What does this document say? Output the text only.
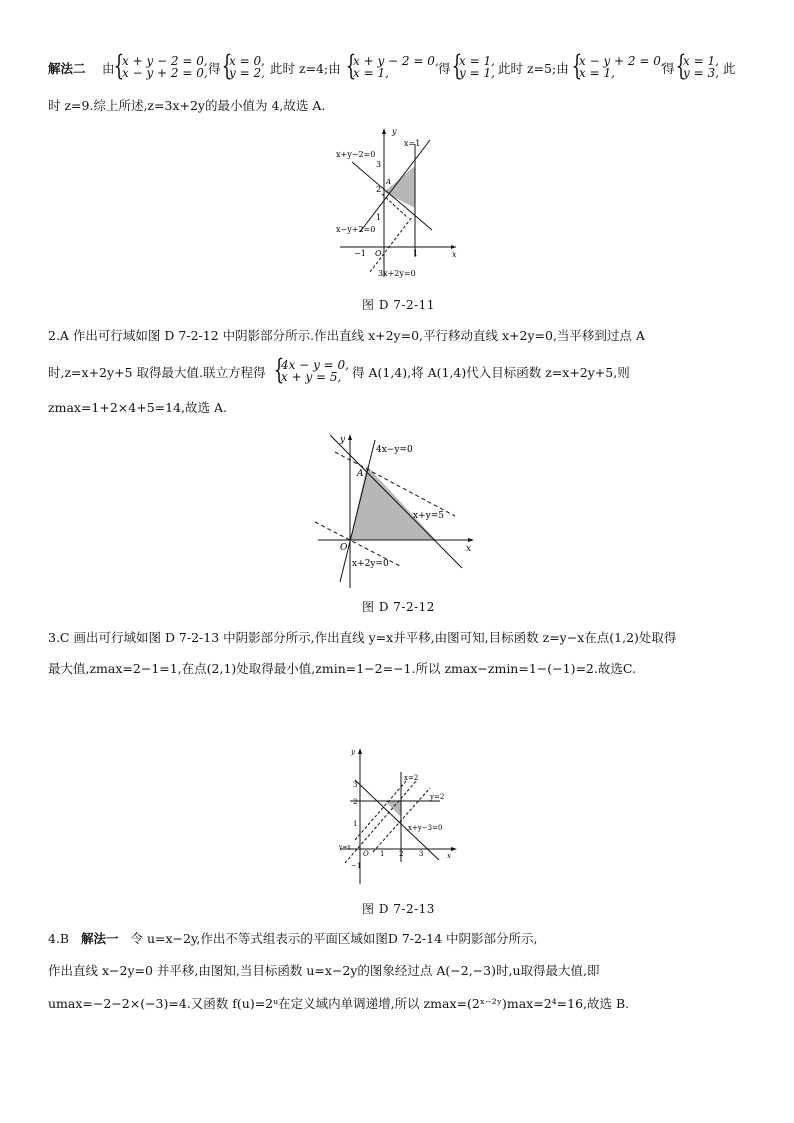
解法二 由 {
x + y − 2 = 0,
x − y + 2 = 0, 得 {
x = 0,
y = 2, 此时 z=4;由 {
x + y − 2 = 0,
x = 1,	得 {
x = 1,
y = 1, 此时 z=5;由 {
x − y + 2 = 0,
x = 1,	得 {
x = 1,
y = 3, 此
时 z=9.综上所述,z=3x+2y的最小值为 4,故选 A.
y
x
O
x=1
x+y−2=0
x−y+2=0
3x+2y=0
3
2
1
−1	1
A
图 D 7-2-11
2.A 作出可行域如图 D 7-2-12 中阴影部分所示.作出直线 x+2y=0,平行移动直线 x+2y=0,当平移到过点 A
时,z=x+2y+5 取得最大值.联立方程得 {
4x − y = 0,
x + y = 5, 得 A(1,4),将 A(1,4)代入目标函数 z=x+2y+5,则
zmax=1+2×4+5=14,故选 A.
y
x
O
A
4x−y=0
x+y=5
x+2y=0
图 D 7-2-12
3.C 画出可行域如图 D 7-2-13 中阴影部分所示,作出直线 y=x并平移,由图可知,目标函数 z=y−x在点(1,2)处取得
最大值,zmax=2−1=1,在点(2,1)处取得最小值,zmin=1−2=−1.所以 zmax−zmin=1−(−1)=2.故选C.
y
x
O
x=2
y=2
x+y−3=0
y=x
3
2
1
−1
1 2 3
图 D 7-2-13
4.B 解法一 令 u=x−2y,作出不等式组表示的平面区域如图D 7-2-14 中阴影部分所示,
作出直线 x−2y=0 并平移,由图知,当目标函数 u=x−2y的图象经过点 A(−2,−3)时,u取得最大值,即
umax=−2−2×(−3)=4.又函数 f(u)=2ᵘ在定义域内单调递增,所以 zmax=(2ˣ⁻²ʸ)max=2⁴=16,故选 B.
